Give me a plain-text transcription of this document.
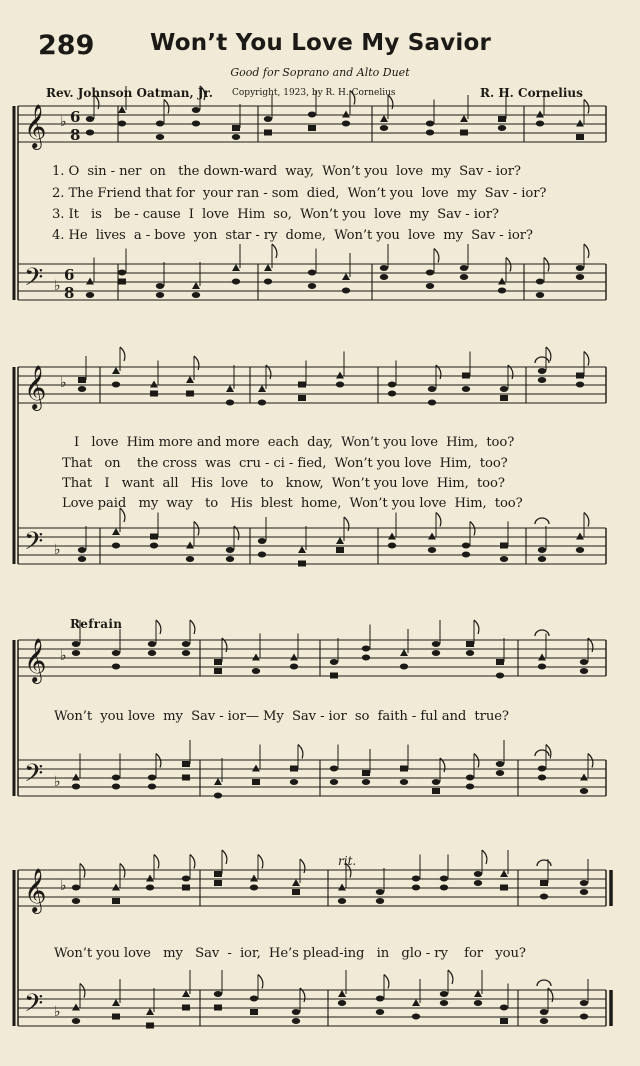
289 Won’t You Love My Savior
Good for Soprano and Alto Duet
Rev. Johnson Oatman, Jr. Copyright, 1923, by R. H. Cornelius	R. H. Cornelius
𝄞
𝄢
♭
♭
6
8
6
8
𝄞
𝄢
♭
♭
𝄞
𝄢
♭
♭
𝄞
𝄢
♭
♭
1. O  sin - ner  on   the down-ward  way,  Won’t you  love  my  Sav - ior?
2. The Friend that for  your ran - som  died,  Won’t you  love  my  Sav - ior?
3. It   is   be - cause  I  love  Him  so,  Won’t you  love  my  Sav - ior?
4. He  lives  a - bove  yon  star - ry  dome,  Won’t you  love  my  Sav - ior?
I   love  Him more and more  each  day,  Won’t you love  Him,  too?
That   on    the cross  was  cru - ci - fied,  Won’t you love  Him,  too?
That   I   want  all   His  love   to   know,  Won’t you love  Him,  too?
Love paid   my  way   to   His  blest  home,  Won’t you love  Him,  too?
Refrain
Won’t  you love  my  Sav - ior— My  Sav - ior  so  faith - ful and  true?
rit.
Won’t you love   my   Sav  -  ior,  He’s plead-ing   in   glo - ry    for   you?
